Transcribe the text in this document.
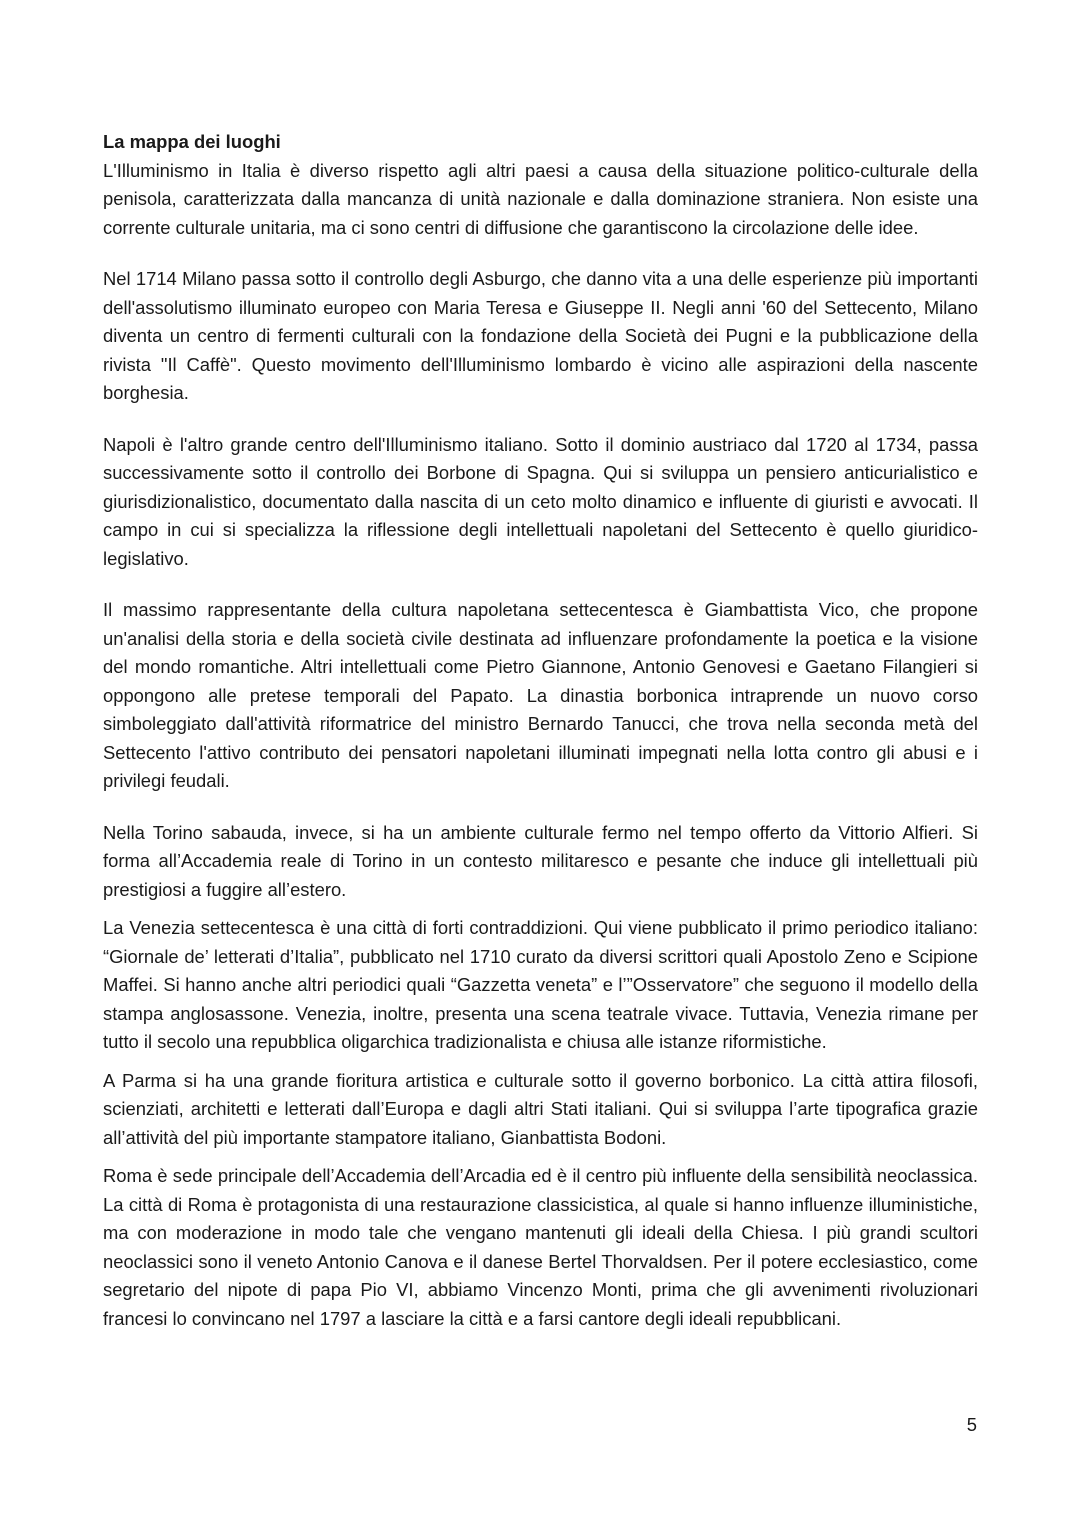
La mappa dei luoghi

L'Illuminismo in Italia è diverso rispetto agli altri paesi a causa della situazione politico-culturale della penisola, caratterizzata dalla mancanza di unità nazionale e dalla dominazione straniera. Non esiste una corrente culturale unitaria, ma ci sono centri di diffusione che garantiscono la circolazione delle idee.

Nel 1714 Milano passa sotto il controllo degli Asburgo, che danno vita a una delle esperienze più importanti dell'assolutismo illuminato europeo con Maria Teresa e Giuseppe II. Negli anni '60 del Settecento, Milano diventa un centro di fermenti culturali con la fondazione della Società dei Pugni e la pubblicazione della rivista "Il Caffè". Questo movimento dell'Illuminismo lombardo è vicino alle aspirazioni della nascente borghesia.

Napoli è l'altro grande centro dell'Illuminismo italiano. Sotto il dominio austriaco dal 1720 al 1734, passa successivamente sotto il controllo dei Borbone di Spagna. Qui si sviluppa un pensiero anticurialistico e giurisdizionalistico, documentato dalla nascita di un ceto molto dinamico e influente di giuristi e avvocati. Il campo in cui si specializza la riflessione degli intellettuali napoletani del Settecento è quello giuridico-legislativo.

Il massimo rappresentante della cultura napoletana settecentesca è Giambattista Vico, che propone un'analisi della storia e della società civile destinata ad influenzare profondamente la poetica e la visione del mondo romantiche. Altri intellettuali come Pietro Giannone, Antonio Genovesi e Gaetano Filangieri si oppongono alle pretese temporali del Papato. La dinastia borbonica intraprende un nuovo corso simboleggiato dall'attività riformatrice del ministro Bernardo Tanucci, che trova nella seconda metà del Settecento l'attivo contributo dei pensatori napoletani illuminati impegnati nella lotta contro gli abusi e i privilegi feudali.

Nella Torino sabauda, invece, si ha un ambiente culturale fermo nel tempo offerto da Vittorio Alfieri. Si forma all’Accademia reale di Torino in un contesto militaresco e pesante che induce gli intellettuali più prestigiosi a fuggire all’estero.

La Venezia settecentesca è una città di forti contraddizioni. Qui viene pubblicato il primo periodico italiano: “Giornale de’ letterati d’Italia”, pubblicato nel 1710 curato da diversi scrittori quali Apostolo Zeno e Scipione Maffei. Si hanno anche altri periodici quali “Gazzetta veneta” e l’”Osservatore” che seguono il modello della stampa anglosassone. Venezia, inoltre, presenta una scena teatrale vivace. Tuttavia, Venezia rimane per tutto il secolo una repubblica oligarchica tradizionalista e chiusa alle istanze riformistiche.

A Parma si ha una grande fioritura artistica e culturale sotto il governo borbonico. La città attira filosofi, scienziati, architetti e letterati dall’Europa e dagli altri Stati italiani. Qui si sviluppa l’arte tipografica grazie all’attività del più importante stampatore italiano, Gianbattista Bodoni.

Roma è sede principale dell’Accademia dell’Arcadia ed è il centro più influente della sensibilità neoclassica. La città di Roma è protagonista di una restaurazione classicistica, al quale si hanno influenze illuministiche, ma con moderazione in modo tale che vengano mantenuti gli ideali della Chiesa. I più grandi scultori neoclassici sono il veneto Antonio Canova e il danese Bertel Thorvaldsen. Per il potere ecclesiastico, come segretario del nipote di papa Pio VI, abbiamo Vincenzo Monti, prima che gli avvenimenti rivoluzionari francesi lo convincano nel 1797 a lasciare la città e a farsi cantore degli ideali repubblicani.

5
